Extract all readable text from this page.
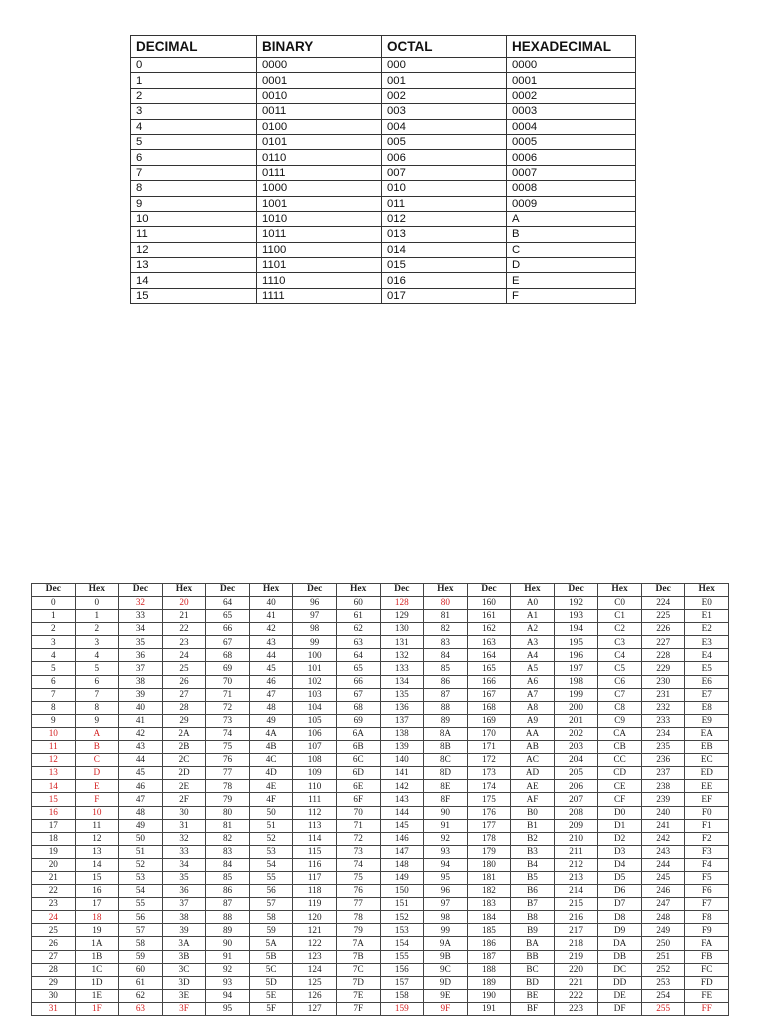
DECIMAL	BINARY	OCTAL	HEXADECIMAL
0	0000	000	0000
1	0001	001	0001
2	0010	002	0002
3	0011	003	0003
4	0100	004	0004
5	0101	005	0005
6	0110	006	0006
7	0111	007	0007
8	1000	010	0008
9	1001	011	0009
10	1010	012	A
11	1011	013	B
12	1100	014	C
13	1101	015	D
14	1110	016	E
15	1111	017	F
Dec	Hex	Dec	Hex	Dec	Hex	Dec	Hex	Dec	Hex	Dec	Hex	Dec	Hex	Dec	Hex
0	0	32	20	64	40	96	60	128	80	160	A0	192	C0	224	E0
1	1	33	21	65	41	97	61	129	81	161	A1	193	C1	225	E1
2	2	34	22	66	42	98	62	130	82	162	A2	194	C2	226	E2
3	3	35	23	67	43	99	63	131	83	163	A3	195	C3	227	E3
4	4	36	24	68	44	100	64	132	84	164	A4	196	C4	228	E4
5	5	37	25	69	45	101	65	133	85	165	A5	197	C5	229	E5
6	6	38	26	70	46	102	66	134	86	166	A6	198	C6	230	E6
7	7	39	27	71	47	103	67	135	87	167	A7	199	C7	231	E7
8	8	40	28	72	48	104	68	136	88	168	A8	200	C8	232	E8
9	9	41	29	73	49	105	69	137	89	169	A9	201	C9	233	E9
10	A	42	2A	74	4A	106	6A	138	8A	170	AA	202	CA	234	EA
11	B	43	2B	75	4B	107	6B	139	8B	171	AB	203	CB	235	EB
12	C	44	2C	76	4C	108	6C	140	8C	172	AC	204	CC	236	EC
13	D	45	2D	77	4D	109	6D	141	8D	173	AD	205	CD	237	ED
14	E	46	2E	78	4E	110	6E	142	8E	174	AE	206	CE	238	EE
15	F	47	2F	79	4F	111	6F	143	8F	175	AF	207	CF	239	EF
16	10	48	30	80	50	112	70	144	90	176	B0	208	D0	240	F0
17	11	49	31	81	51	113	71	145	91	177	B1	209	D1	241	F1
18	12	50	32	82	52	114	72	146	92	178	B2	210	D2	242	F2
19	13	51	33	83	53	115	73	147	93	179	B3	211	D3	243	F3
20	14	52	34	84	54	116	74	148	94	180	B4	212	D4	244	F4
21	15	53	35	85	55	117	75	149	95	181	B5	213	D5	245	F5
22	16	54	36	86	56	118	76	150	96	182	B6	214	D6	246	F6
23	17	55	37	87	57	119	77	151	97	183	B7	215	D7	247	F7
24	18	56	38	88	58	120	78	152	98	184	B8	216	D8	248	F8
25	19	57	39	89	59	121	79	153	99	185	B9	217	D9	249	F9
26	1A	58	3A	90	5A	122	7A	154	9A	186	BA	218	DA	250	FA
27	1B	59	3B	91	5B	123	7B	155	9B	187	BB	219	DB	251	FB
28	1C	60	3C	92	5C	124	7C	156	9C	188	BC	220	DC	252	FC
29	1D	61	3D	93	5D	125	7D	157	9D	189	BD	221	DD	253	FD
30	1E	62	3E	94	5E	126	7E	158	9E	190	BE	222	DE	254	FE
31	1F	63	3F	95	5F	127	7F	159	9F	191	BF	223	DF	255	FF
